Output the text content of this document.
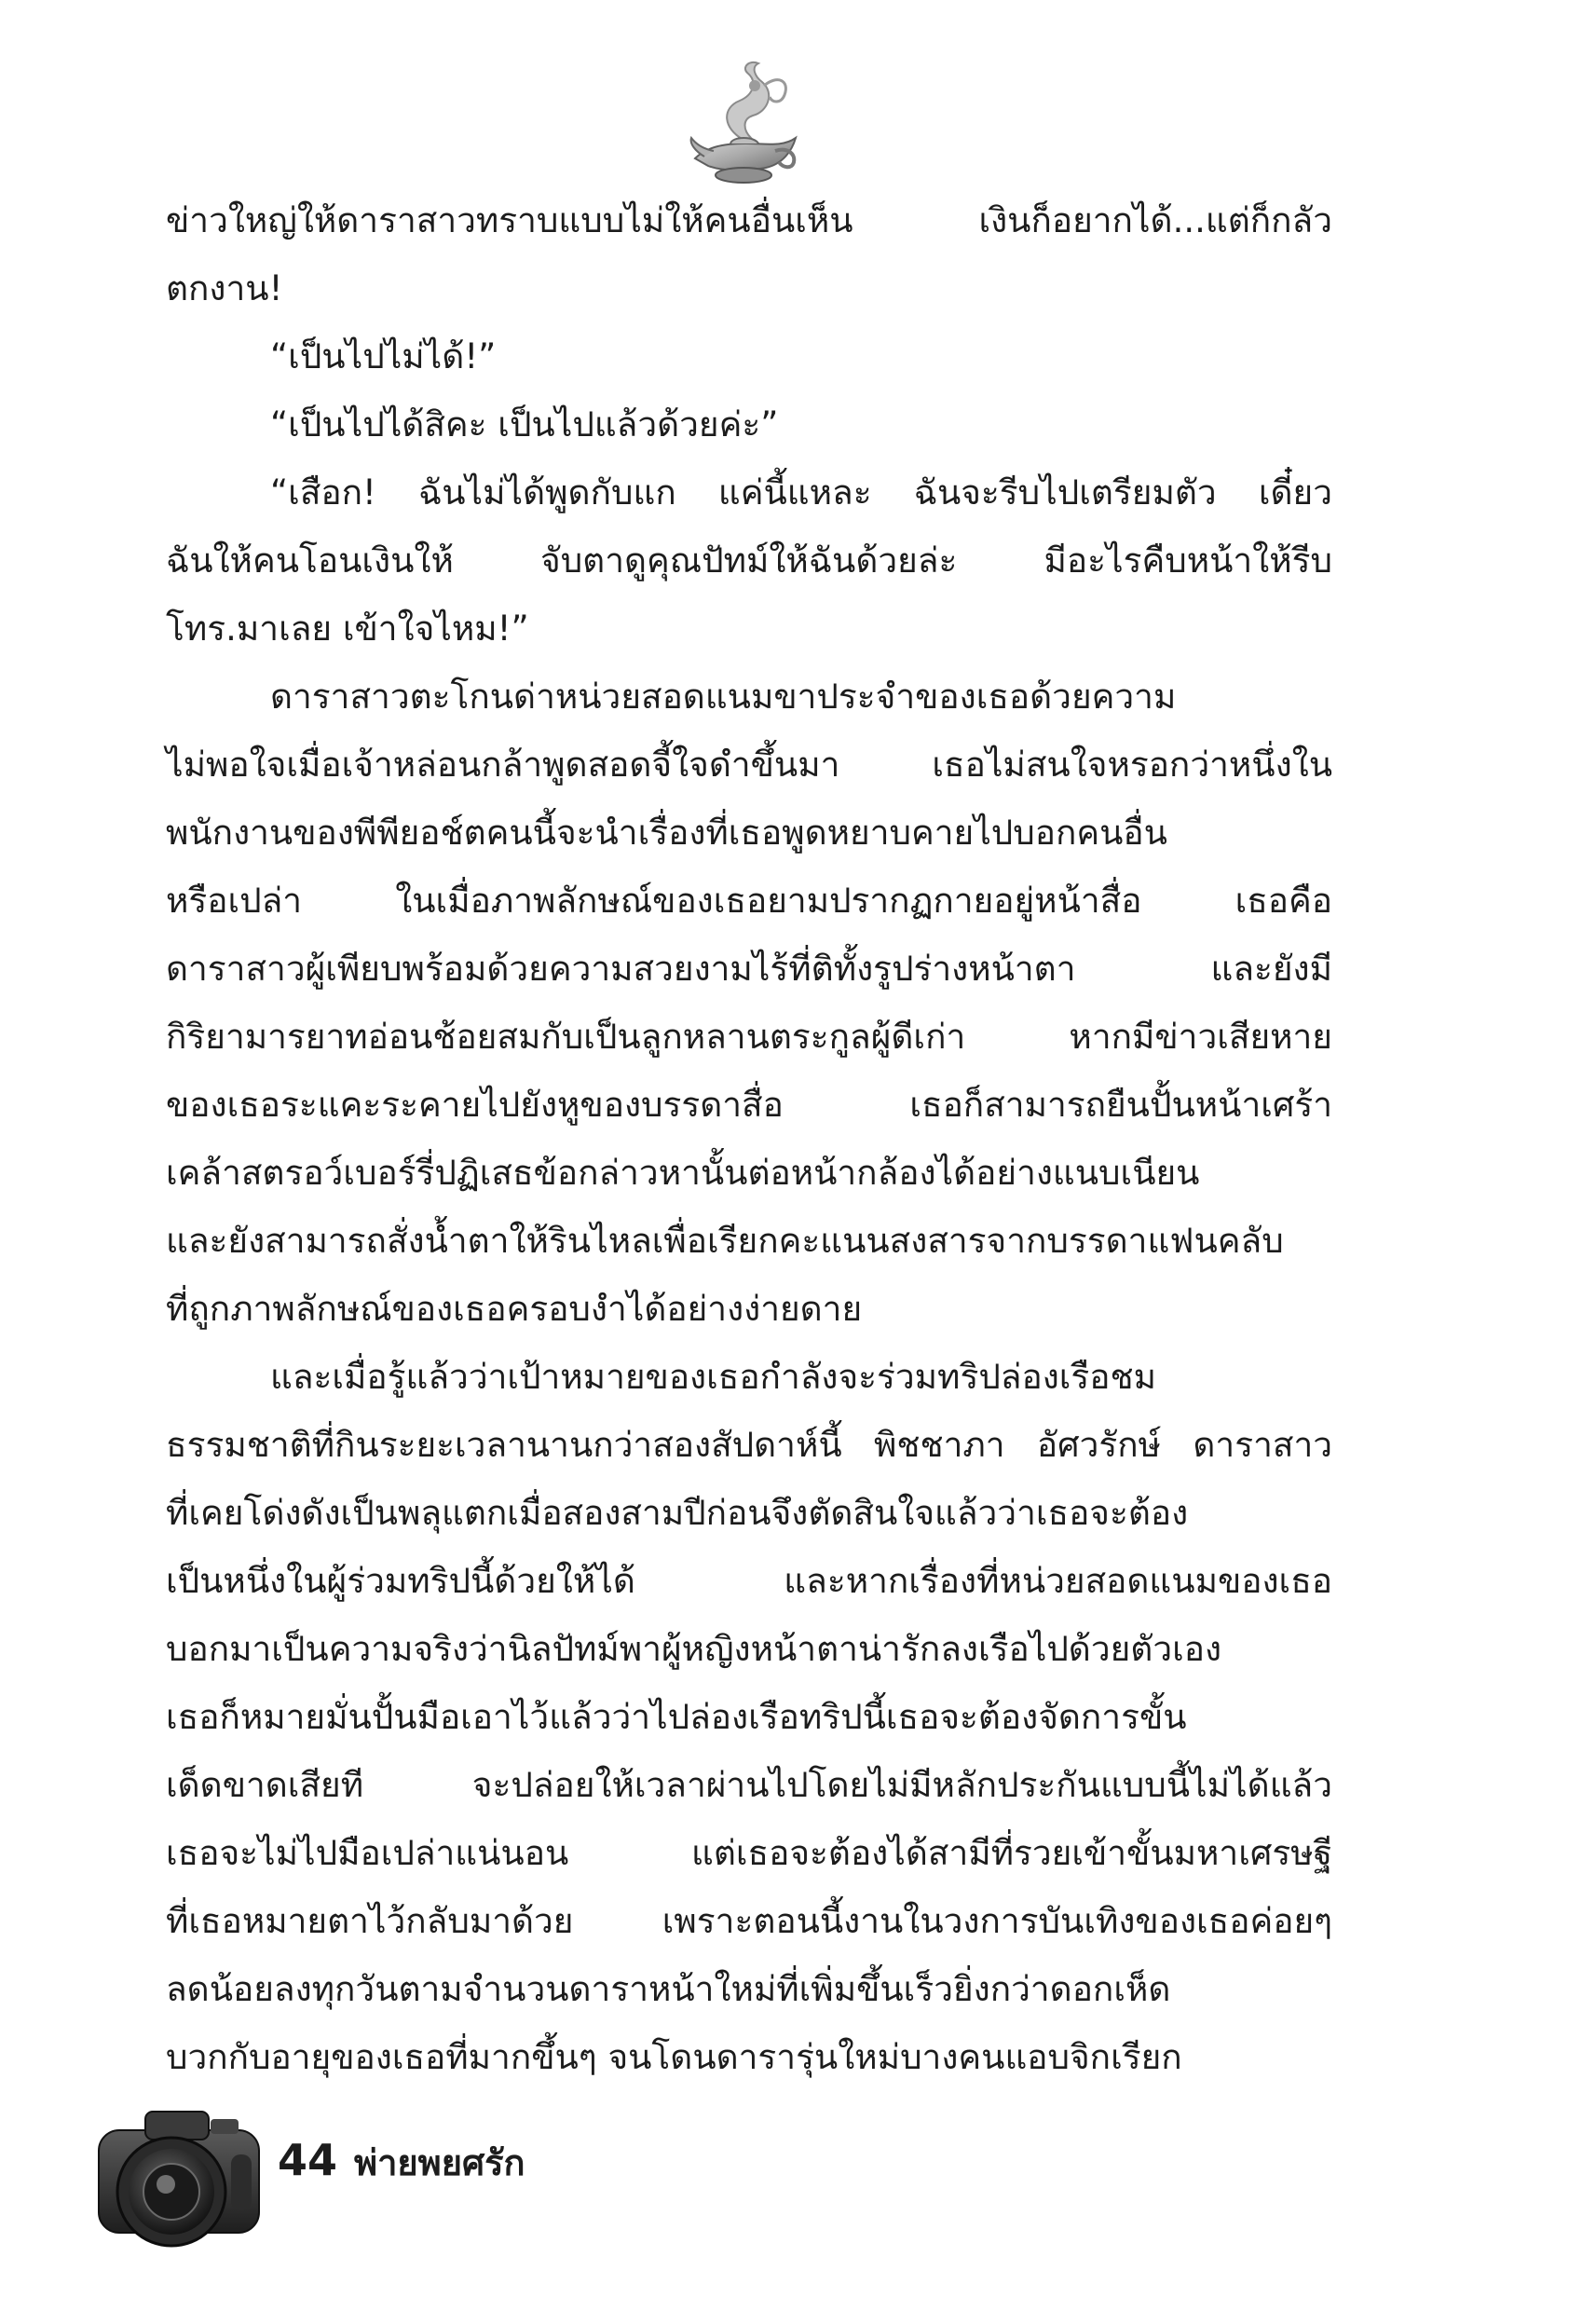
ข่าวใหญ่ให้ดาราสาวทราบแบบไม่ให้คนอื่นเห็น เงินก็อยากได้...แต่ก็กลัว
ตกงาน!
“เป็นไปไม่ได้!”
“เป็นไปได้สิคะ เป็นไปแล้วด้วยค่ะ”
“เสือก! ฉันไม่ได้พูดกับแก แค่นี้แหละ ฉันจะรีบไปเตรียมตัว เดี๋ยว
ฉันให้คนโอนเงินให้ จับตาดูคุณปัทม์ให้ฉันด้วยล่ะ มีอะไรคืบหน้าให้รีบ
โทร.มาเลย เข้าใจไหม!”
ดาราสาวตะโกนด่าหน่วยสอดแนมขาประจำของเธอด้วยความ
ไม่พอใจเมื่อเจ้าหล่อนกล้าพูดสอดจี้ใจดำขึ้นมา เธอไม่สนใจหรอกว่าหนึ่งใน
พนักงานของพีพียอช์ตคนนี้จะนำเรื่องที่เธอพูดหยาบคายไปบอกคนอื่น
หรือเปล่า ในเมื่อภาพลักษณ์ของเธอยามปรากฏกายอยู่หน้าสื่อ เธอคือ
ดาราสาวผู้เพียบพร้อมด้วยความสวยงามไร้ที่ติทั้งรูปร่างหน้าตา และยังมี
กิริยามารยาทอ่อนช้อยสมกับเป็นลูกหลานตระกูลผู้ดีเก่า หากมีข่าวเสียหาย
ของเธอระแคะระคายไปยังหูของบรรดาสื่อ เธอก็สามารถยืนปั้นหน้าเศร้า
เคล้าสตรอว์เบอร์รี่ปฏิเสธข้อกล่าวหานั้นต่อหน้ากล้องได้อย่างแนบเนียน
และยังสามารถสั่งน้ำตาให้รินไหลเพื่อเรียกคะแนนสงสารจากบรรดาแฟนคลับ
ที่ถูกภาพลักษณ์ของเธอครอบงำได้อย่างง่ายดาย
และเมื่อรู้แล้วว่าเป้าหมายของเธอกำลังจะร่วมทริปล่องเรือชม
ธรรมชาติที่กินระยะเวลานานกว่าสองสัปดาห์นี้ พิชชาภา อัศวรักษ์ ดาราสาว
ที่เคยโด่งดังเป็นพลุแตกเมื่อสองสามปีก่อนจึงตัดสินใจแล้วว่าเธอจะต้อง
เป็นหนึ่งในผู้ร่วมทริปนี้ด้วยให้ได้ และหากเรื่องที่หน่วยสอดแนมของเธอ
บอกมาเป็นความจริงว่านิลปัทม์พาผู้หญิงหน้าตาน่ารักลงเรือไปด้วยตัวเอง
เธอก็หมายมั่นปั้นมือเอาไว้แล้วว่าไปล่องเรือทริปนี้เธอจะต้องจัดการขั้น
เด็ดขาดเสียที จะปล่อยให้เวลาผ่านไปโดยไม่มีหลักประกันแบบนี้ไม่ได้แล้ว
เธอจะไม่ไปมือเปล่าแน่นอน แต่เธอจะต้องได้สามีที่รวยเข้าขั้นมหาเศรษฐี
ที่เธอหมายตาไว้กลับมาด้วย เพราะตอนนี้งานในวงการบันเทิงของเธอค่อยๆ
ลดน้อยลงทุกวันตามจำนวนดาราหน้าใหม่ที่เพิ่มขึ้นเร็วยิ่งกว่าดอกเห็ด
บวกกับอายุของเธอที่มากขึ้นๆ จนโดนดารารุ่นใหม่บางคนแอบจิกเรียก
44 พ่ายพยศรัก
